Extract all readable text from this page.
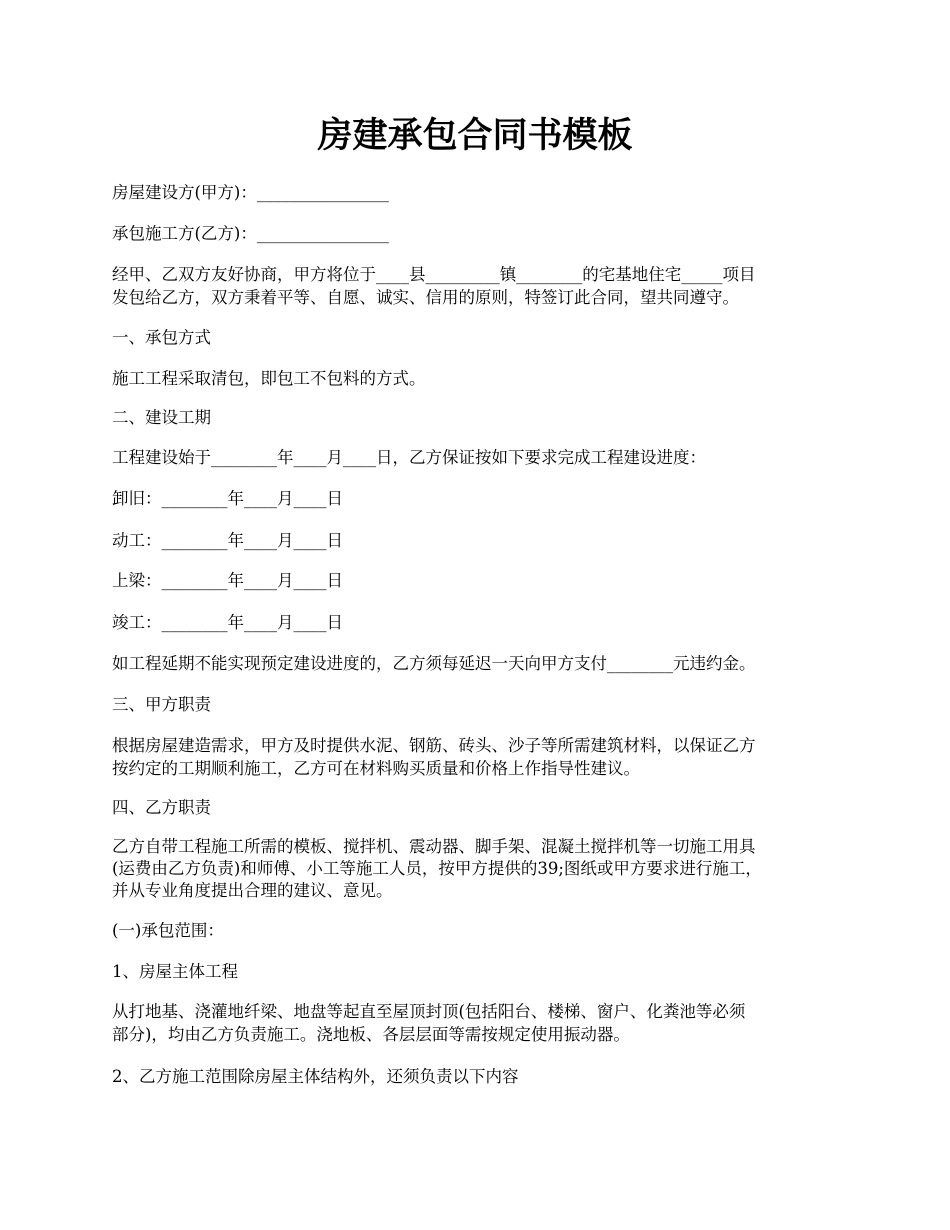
房建承包合同书模板

房屋建设方(甲方)：________________

承包施工方(乙方)：________________

经甲、乙双方友好协商，甲方将位于____县_________镇________的宅基地住宅_____项目

发包给乙方，双方秉着平等、自愿、诚实、信用的原则，特签订此合同，望共同遵守。

一、承包方式

施工工程采取清包，即包工不包料的方式。

二、建设工期

工程建设始于________年____月____日，乙方保证按如下要求完成工程建设进度：

卸旧：________年____月____日

动工：________年____月____日

上梁：________年____月____日

竣工：________年____月____日

如工程延期不能实现预定建设进度的，乙方须每延迟一天向甲方支付________元违约金。

三、甲方职责

根据房屋建造需求，甲方及时提供水泥、钢筋、砖头、沙子等所需建筑材料，以保证乙方

按约定的工期顺利施工，乙方可在材料购买质量和价格上作指导性建议。

四、乙方职责

乙方自带工程施工所需的模板、搅拌机、震动器、脚手架、混凝土搅拌机等一切施工用具

(运费由乙方负责)和师傅、小工等施工人员，按甲方提供的39;图纸或甲方要求进行施工，

并从专业角度提出合理的建议、意见。

(一)承包范围：

1、房屋主体工程

从打地基、浇灌地纤梁、地盘等起直至屋顶封顶(包括阳台、楼梯、窗户、化粪池等必须

部分)，均由乙方负责施工。浇地板、各层层面等需按规定使用振动器。

2、乙方施工范围除房屋主体结构外，还须负责以下内容
